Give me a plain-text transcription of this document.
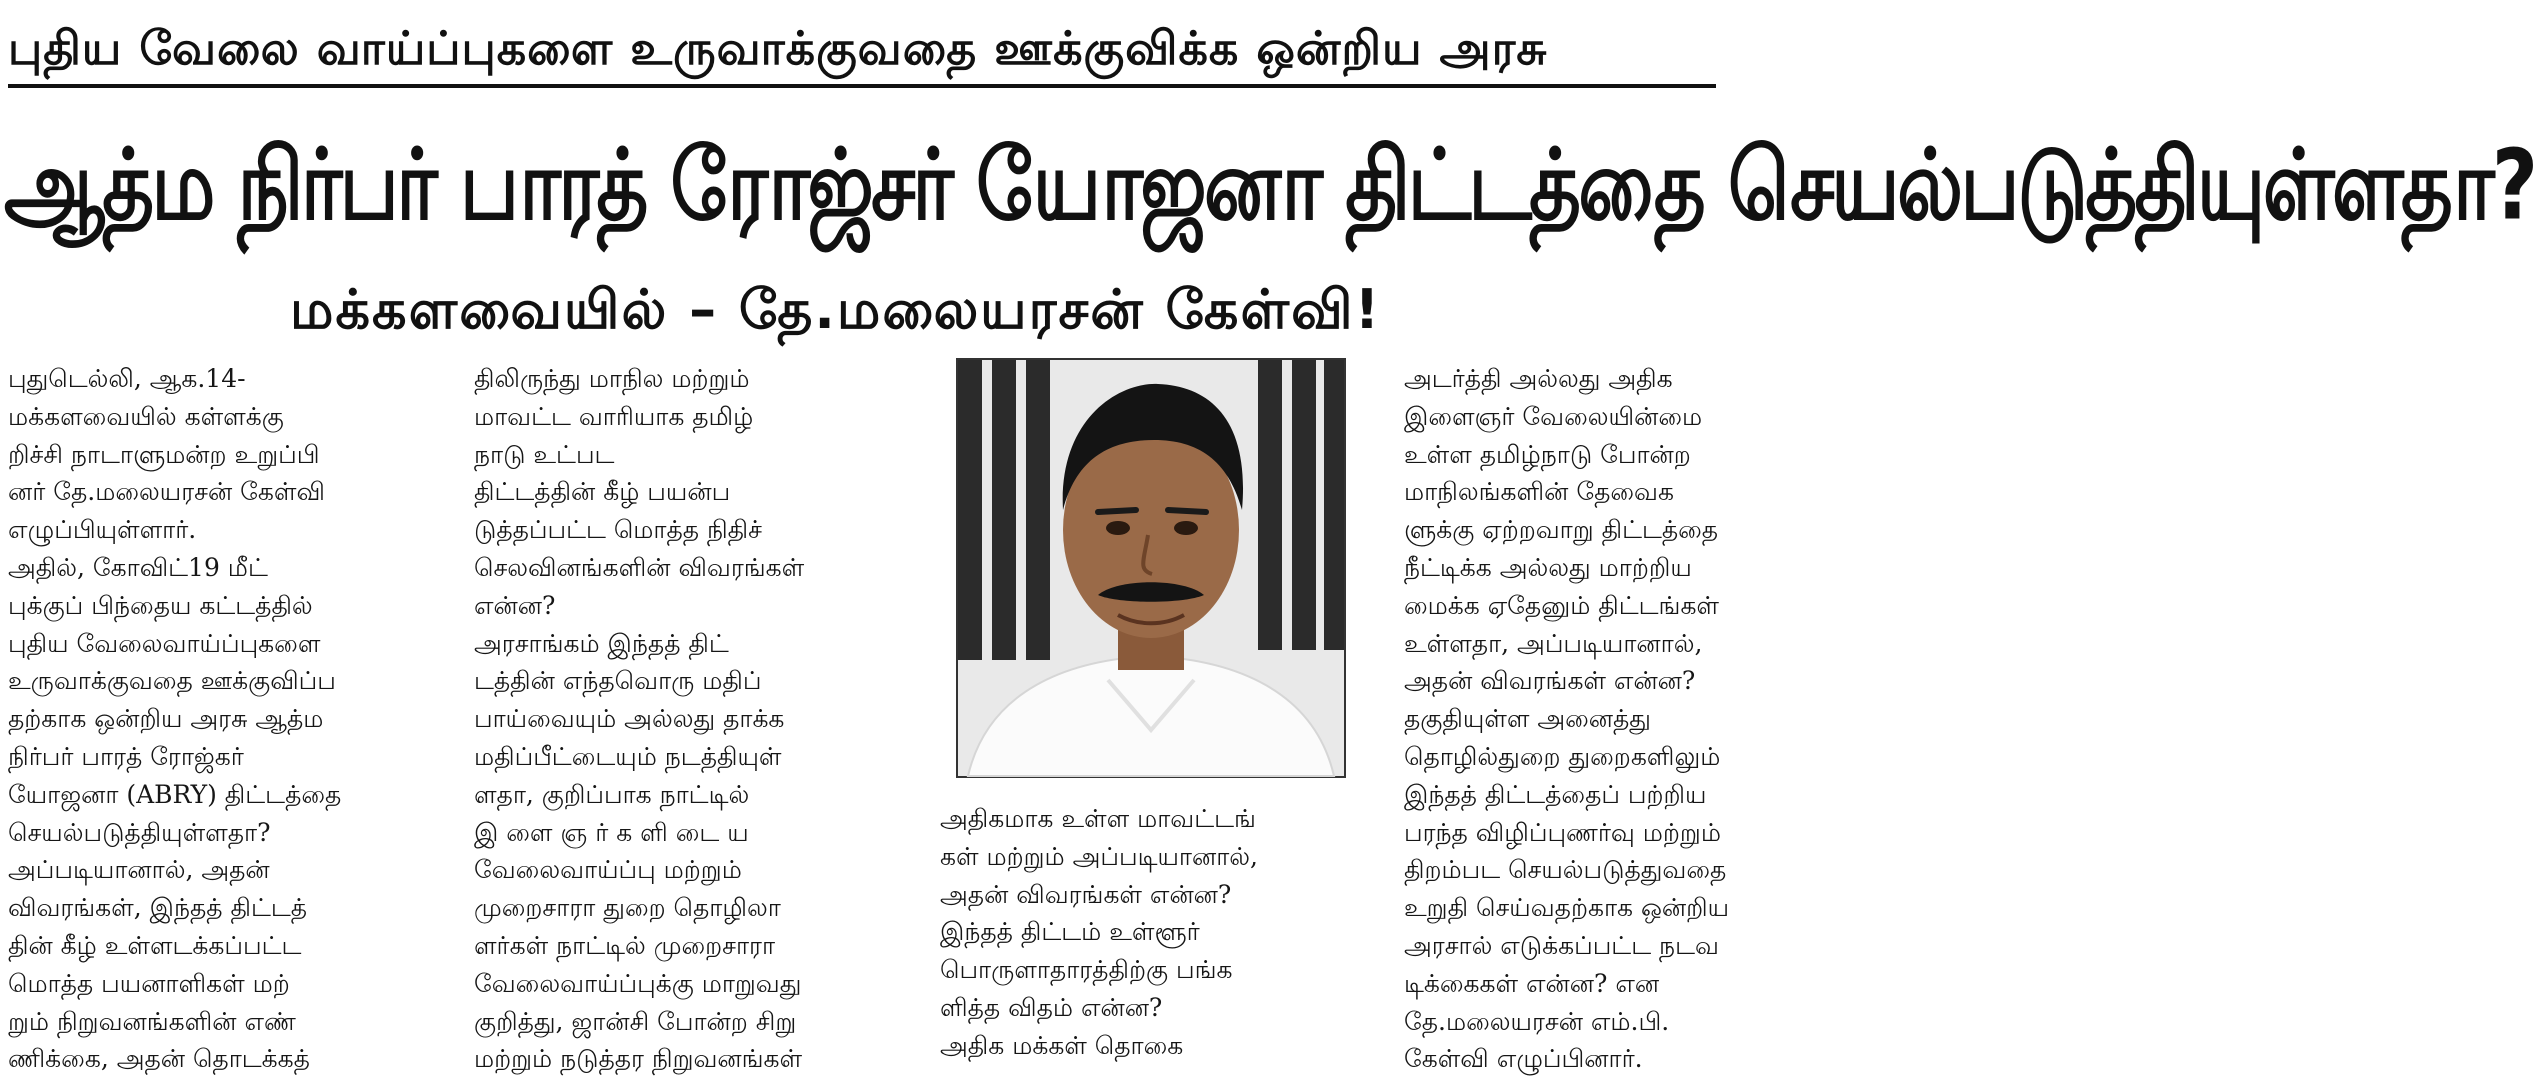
புதிய வேலை வாய்ப்புகளை உருவாக்குவதை ஊக்குவிக்க ஒன்றிய அரசு
ஆத்ம நிர்பர் பாரத் ரோஜ்சர் யோஜனா திட்டத்தை செயல்படுத்தியுள்ளதா?
மக்களவையில் – தே.மலையரசன் கேள்வி!
புதுடெல்லி, ஆக.14-
மக்களவையில் கள்ளக்கு
றிச்சி நாடாளுமன்ற உறுப்பி
னர் தே.மலையரசன் கேள்வி
எழுப்பியுள்ளார்.
அதில், கோவிட்19 மீட்
புக்குப் பிந்தைய கட்டத்தில்
புதிய வேலைவாய்ப்புகளை
உருவாக்குவதை ஊக்குவிப்ப
தற்காக ஒன்றிய அரசு ஆத்ம
நிர்பர் பாரத் ரோஜ்கர்
யோஜனா (ABRY) திட்டத்தை
செயல்படுத்தியுள்ளதா?
அப்படியானால், அதன்
விவரங்கள், இந்தத் திட்டத்
தின் கீழ் உள்ளடக்கப்பட்ட
மொத்த பயனாளிகள் மற்
றும் நிறுவனங்களின் எண்
ணிக்கை, அதன் தொடக்கத்
திலிருந்து மாநில மற்றும்
மாவட்ட வாரியாக தமிழ்
நாடு உட்பட
திட்டத்தின் கீழ் பயன்ப
டுத்தப்பட்ட மொத்த நிதிச்
செலவினங்களின் விவரங்கள்
என்ன?
அரசாங்கம் இந்தத் திட்
டத்தின் எந்தவொரு மதிப்
பாய்வையும் அல்லது தாக்க
மதிப்பீட்டையும் நடத்தியுள்
ளதா, குறிப்பாக நாட்டில்
இ ளை ஞ ர் க ளி டை ய
வேலைவாய்ப்பு மற்றும்
முறைசாரா துறை தொழிலா
ளர்கள் நாட்டில் முறைசாரா
வேலைவாய்ப்புக்கு மாறுவது
குறித்து, ஜான்சி போன்ற சிறு
மற்றும் நடுத்தர நிறுவனங்கள்
அதிகமாக உள்ள மாவட்டங்
கள் மற்றும் அப்படியானால்,
அதன் விவரங்கள் என்ன?
இந்தத் திட்டம் உள்ளூர்
பொருளாதாரத்திற்கு பங்க
ளித்த விதம் என்ன?
அதிக மக்கள் தொகை
அடர்த்தி அல்லது அதிக
இளைஞர் வேலையின்மை
உள்ள தமிழ்நாடு போன்ற
மாநிலங்களின் தேவைக
ளுக்கு ஏற்றவாறு திட்டத்தை
நீட்டிக்க அல்லது மாற்றிய
மைக்க ஏதேனும் திட்டங்கள்
உள்ளதா, அப்படியானால்,
அதன் விவரங்கள் என்ன?
தகுதியுள்ள அனைத்து
தொழில்துறை துறைகளிலும்
இந்தத் திட்டத்தைப் பற்றிய
பரந்த விழிப்புணர்வு மற்றும்
திறம்பட செயல்படுத்துவதை
உறுதி செய்வதற்காக ஒன்றிய
அரசால் எடுக்கப்பட்ட நடவ
டிக்கைகள் என்ன? என
தே.மலையரசன் எம்.பி.
கேள்வி எழுப்பினார்.
